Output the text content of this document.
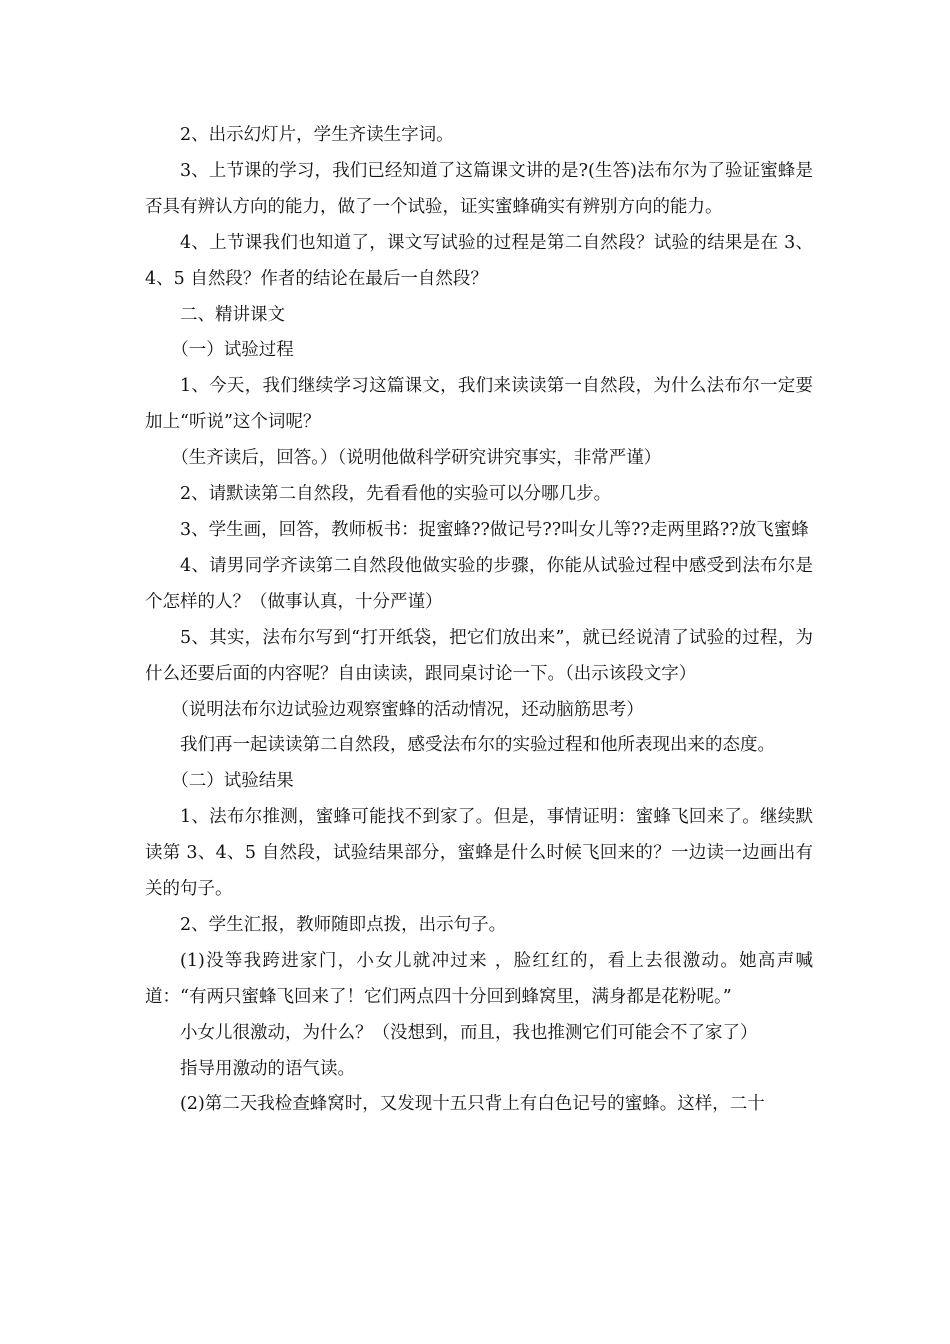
2、出示幻灯片，学生齐读生字词。

3、上节课的学习，我们已经知道了这篇课文讲的是?(生答)法布尔为了验证蜜蜂是否具有辨认方向的能力，做了一个试验，证实蜜蜂确实有辨别方向的能力。

4、上节课我们也知道了，课文写试验的过程是第二自然段？试验的结果是在 3、4、5 自然段？作者的结论在最后一自然段？

二、精讲课文

（一）试验过程

1、今天，我们继续学习这篇课文，我们来读读第一自然段，为什么法布尔一定要加上“听说”这个词呢？

（生齐读后，回答。）（说明他做科学研究讲究事实，非常严谨）

2、请默读第二自然段，先看看他的实验可以分哪几步。

3、学生画，回答，教师板书：捉蜜蜂??做记号??叫女儿等??走两里路??放飞蜜蜂

4、请男同学齐读第二自然段他做实验的步骤，你能从试验过程中感受到法布尔是个怎样的人？（做事认真，十分严谨）

5、其实，法布尔写到“打开纸袋，把它们放出来”，就已经说清了试验的过程，为什么还要后面的内容呢？自由读读，跟同桌讨论一下。（出示该段文字）

（说明法布尔边试验边观察蜜蜂的活动情况，还动脑筋思考）

我们再一起读读第二自然段，感受法布尔的实验过程和他所表现出来的态度。

（二）试验结果

1、法布尔推测，蜜蜂可能找不到家了。但是，事情证明：蜜蜂飞回来了。继续默读第 3、4、5 自然段，试验结果部分，蜜蜂是什么时候飞回来的？一边读一边画出有关的句子。

2、学生汇报，教师随即点拨，出示句子。

(1)没等我跨进家门，小女儿就冲过来 ，脸红红的，看上去很激动。她高声喊道：“有两只蜜蜂飞回来了！它们两点四十分回到蜂窝里，满身都是花粉呢。”

小女儿很激动，为什么？（没想到，而且，我也推测它们可能会不了家了）

指导用激动的语气读。

(2)第二天我检查蜂窝时，又发现十五只背上有白色记号的蜜蜂。这样，二十
